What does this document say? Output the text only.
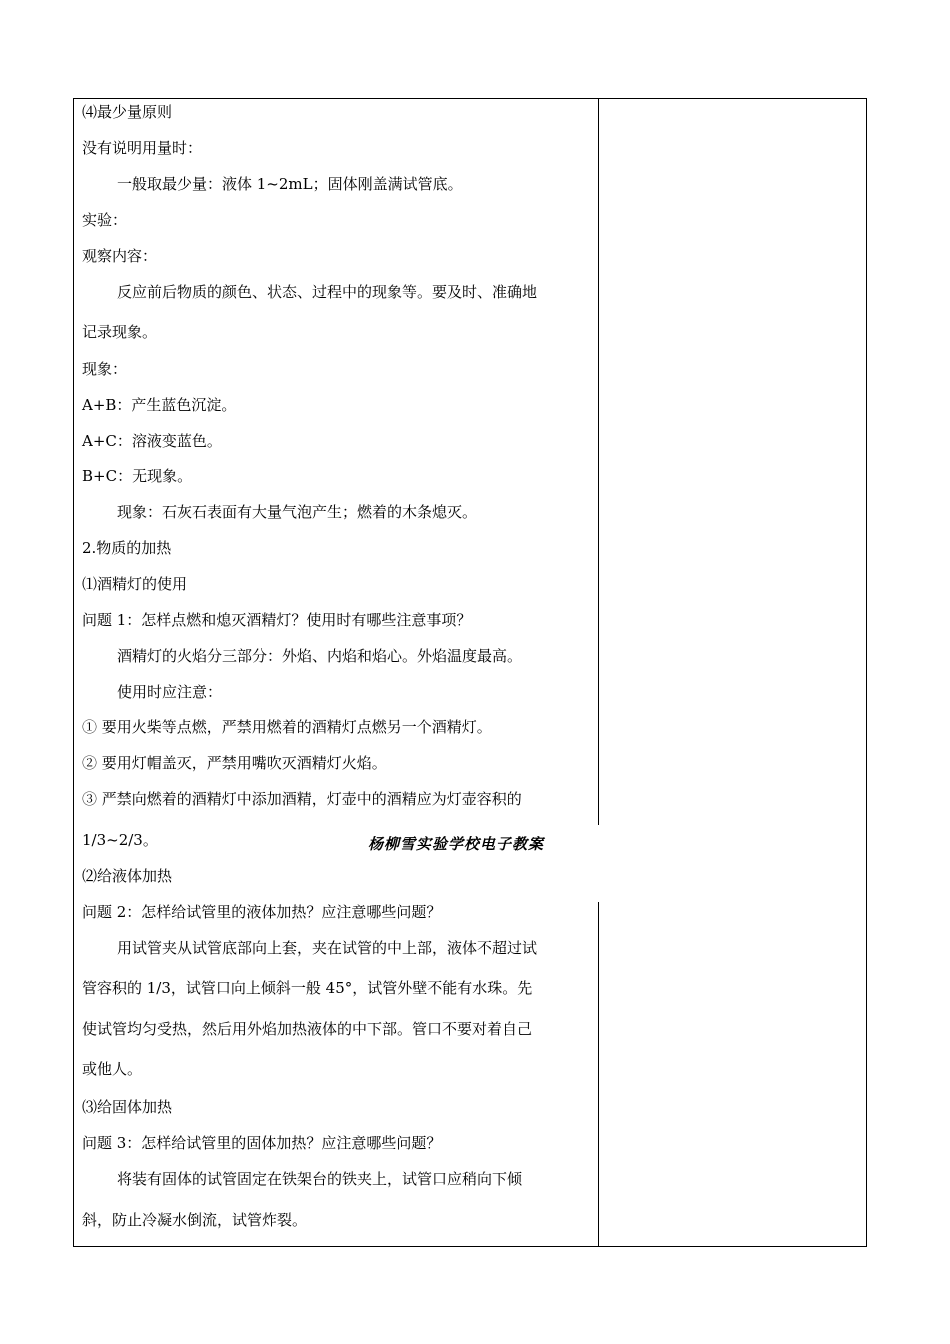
⑷最少量原则
没有说明用量时：
一般取最少量：液体 1~2mL；固体刚盖满试管底。
实验：
观察内容：
反应前后物质的颜色、状态、过程中的现象等。要及时、准确地
记录现象。
现象：
A+B：产生蓝色沉淀。
A+C：溶液变蓝色。
B+C：无现象。
现象：石灰石表面有大量气泡产生；燃着的木条熄灭。
2.物质的加热
⑴酒精灯的使用
问题 1：怎样点燃和熄灭酒精灯？使用时有哪些注意事项？
酒精灯的火焰分三部分：外焰、内焰和焰心。外焰温度最高。
使用时应注意：
① 要用火柴等点燃，严禁用燃着的酒精灯点燃另一个酒精灯。
② 要用灯帽盖灭，严禁用嘴吹灭酒精灯火焰。
③ 严禁向燃着的酒精灯中添加酒精，灯壶中的酒精应为灯壶容积的
1/3~2/3。
⑵给液体加热
问题 2：怎样给试管里的液体加热？应注意哪些问题？
用试管夹从试管底部向上套，夹在试管的中上部，液体不超过试
管容积的 1/3，试管口向上倾斜一般 45°，试管外壁不能有水珠。先
使试管均匀受热，然后用外焰加热液体的中下部。管口不要对着自己
或他人。
⑶给固体加热
问题 3：怎样给试管里的固体加热？应注意哪些问题？
将装有固体的试管固定在铁架台的铁夹上，试管口应稍向下倾
斜，防止冷凝水倒流，试管炸裂。
杨柳雪实验学校电子教案
